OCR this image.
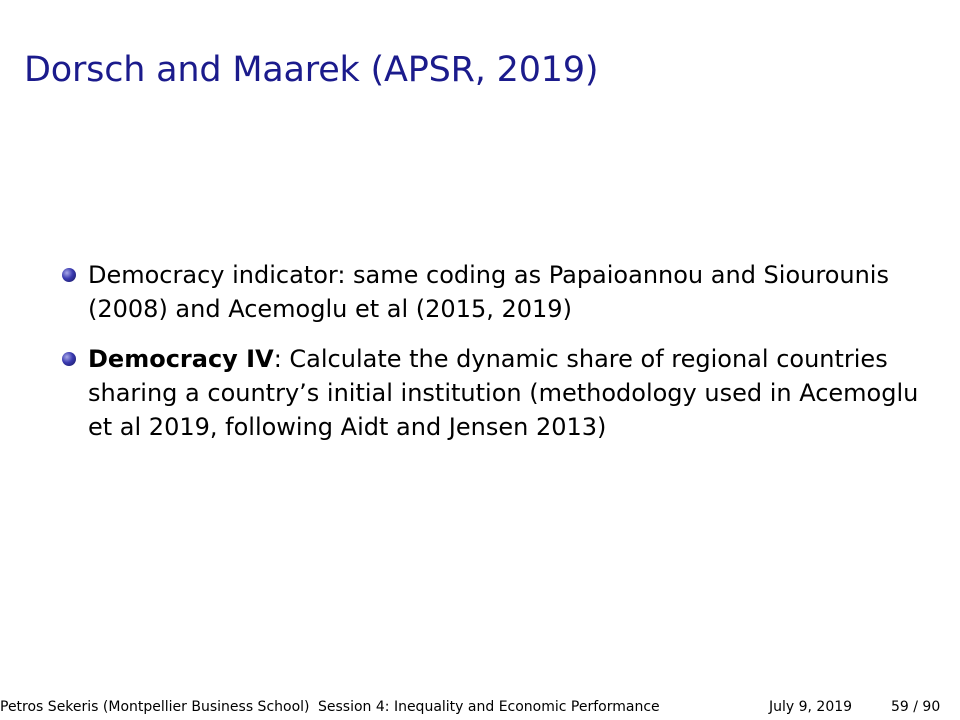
Dorsch and Maarek (APSR, 2019)
Democracy indicator: same coding as Papaioannou and Siourounis (2008) and Acemoglu et al (2015, 2019)
Democracy IV: Calculate the dynamic share of regional countries sharing a country’s initial institution (methodology used in Acemoglu et al 2019, following Aidt and Jensen 2013)
Petros Sekeris (Montpellier Business School) Session 4: Inequality and Economic Performance	July 9, 2019	59 / 90
